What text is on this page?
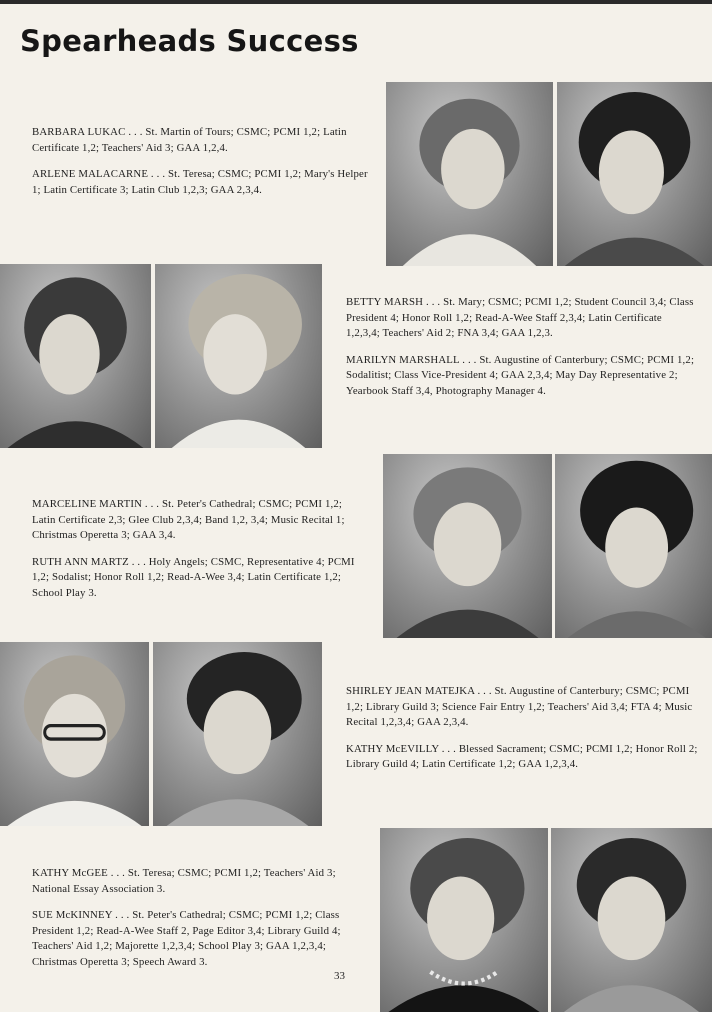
Spearheads Success

BARBARA LUKAC . . . St. Martin of Tours; CSMC; PCMI 1,2; Latin Certificate 1,2; Teachers' Aid 3; GAA 1,2,4.

ARLENE MALACARNE . . . St. Teresa; CSMC; PCMI 1,2; Mary's Helper 1; Latin Certificate 3; Latin Club 1,2,3; GAA 2,3,4.

BETTY MARSH . . . St. Mary; CSMC; PCMI 1,2; Student Council 3,4; Class President 4; Honor Roll 1,2; Read-A-Wee Staff 2,3,4; Latin Certificate 1,2,3,4; Teachers' Aid 2; FNA 3,4; GAA 1,2,3.

MARILYN MARSHALL . . . St. Augustine of Canterbury; CSMC; PCMI 1,2; Sodalitist; Class Vice-President 4; GAA 2,3,4; May Day Representative 2; Yearbook Staff 3,4, Photography Manager 4.

MARCELINE MARTIN . . . St. Peter's Cathedral; CSMC; PCMI 1,2; Latin Certificate 2,3; Glee Club 2,3,4; Band 1,2, 3,4; Music Recital 1; Christmas Operetta 3; GAA 3,4.

RUTH ANN MARTZ . . . Holy Angels; CSMC, Representative 4; PCMI 1,2; Sodalist; Honor Roll 1,2; Read-A-Wee 3,4; Latin Certificate 1,2; School Play 3.

SHIRLEY JEAN MATEJKA . . . St. Augustine of Canterbury; CSMC; PCMI 1,2; Library Guild 3; Science Fair Entry 1,2; Teachers' Aid 3,4; FTA 4; Music Recital 1,2,3,4; GAA 2,3,4.

KATHY McEVILLY . . . Blessed Sacrament; CSMC; PCMI 1,2; Honor Roll 2; Library Guild 4; Latin Certificate 1,2; GAA 1,2,3,4.

KATHY McGEE . . . St. Teresa; CSMC; PCMI 1,2; Teachers' Aid 3; National Essay Association 3.

SUE McKINNEY . . . St. Peter's Cathedral; CSMC; PCMI 1,2; Class President 1,2; Read-A-Wee Staff 2, Page Editor 3,4; Library Guild 4; Teachers' Aid 1,2; Majorette 1,2,3,4; School Play 3; GAA 1,2,3,4; Christmas Operetta 3; Speech Award 3.

33
